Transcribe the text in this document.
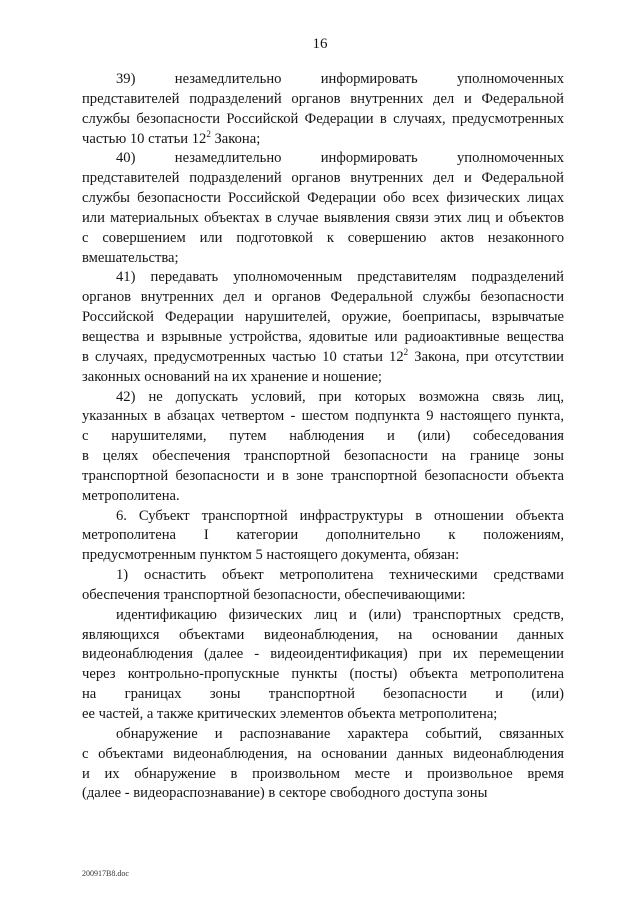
16
39) незамедлительно информировать уполномоченных
представителей подразделений органов внутренних дел и Федеральной
службы безопасности Российской Федерации в случаях, предусмотренных
частью 10 статьи $12^2$ Закона;
40) незамедлительно информировать уполномоченных
представителей подразделений органов внутренних дел и Федеральной
службы безопасности Российской Федерации обо всех физических лицах
или материальных объектах в случае выявления связи этих лиц и объектов
с совершением или подготовкой к совершению актов незаконного
вмешательства;
41) передавать уполномоченным представителям подразделений
органов внутренних дел и органов Федеральной службы безопасности
Российской Федерации нарушителей, оружие, боеприпасы, взрывчатые
вещества и взрывные устройства, ядовитые или радиоактивные вещества
в случаях, предусмотренных частью 10 статьи $12^2$ Закона, при отсутствии
законных оснований на их хранение и ношение;
42) не допускать условий, при которых возможна связь лиц,
указанных в абзацах четвертом - шестом подпункта 9 настоящего пункта,
с нарушителями, путем наблюдения и (или) собеседования
в целях обеспечения транспортной безопасности на границе зоны
транспортной безопасности и в зоне транспортной безопасности объекта
метрополитена.
6. Субъект транспортной инфраструктуры в отношении объекта
метрополитена I категории дополнительно к положениям,
предусмотренным пунктом 5 настоящего документа, обязан:
1) оснастить объект метрополитена техническими средствами
обеспечения транспортной безопасности, обеспечивающими:
идентификацию физических лиц и (или) транспортных средств,
являющихся объектами видеонаблюдения, на основании данных
видеонаблюдения (далее - видеоидентификация) при их перемещении
через контрольно-пропускные пункты (посты) объекта метрополитена
на границах зоны транспортной безопасности и (или)
ее частей, а также критических элементов объекта метрополитена;
обнаружение и распознавание характера событий, связанных
с объектами видеонаблюдения, на основании данных видеонаблюдения
и их обнаружение в произвольном месте и произвольное время
(далее - видеораспознавание) в секторе свободного доступа зоны
200917B8.doc
